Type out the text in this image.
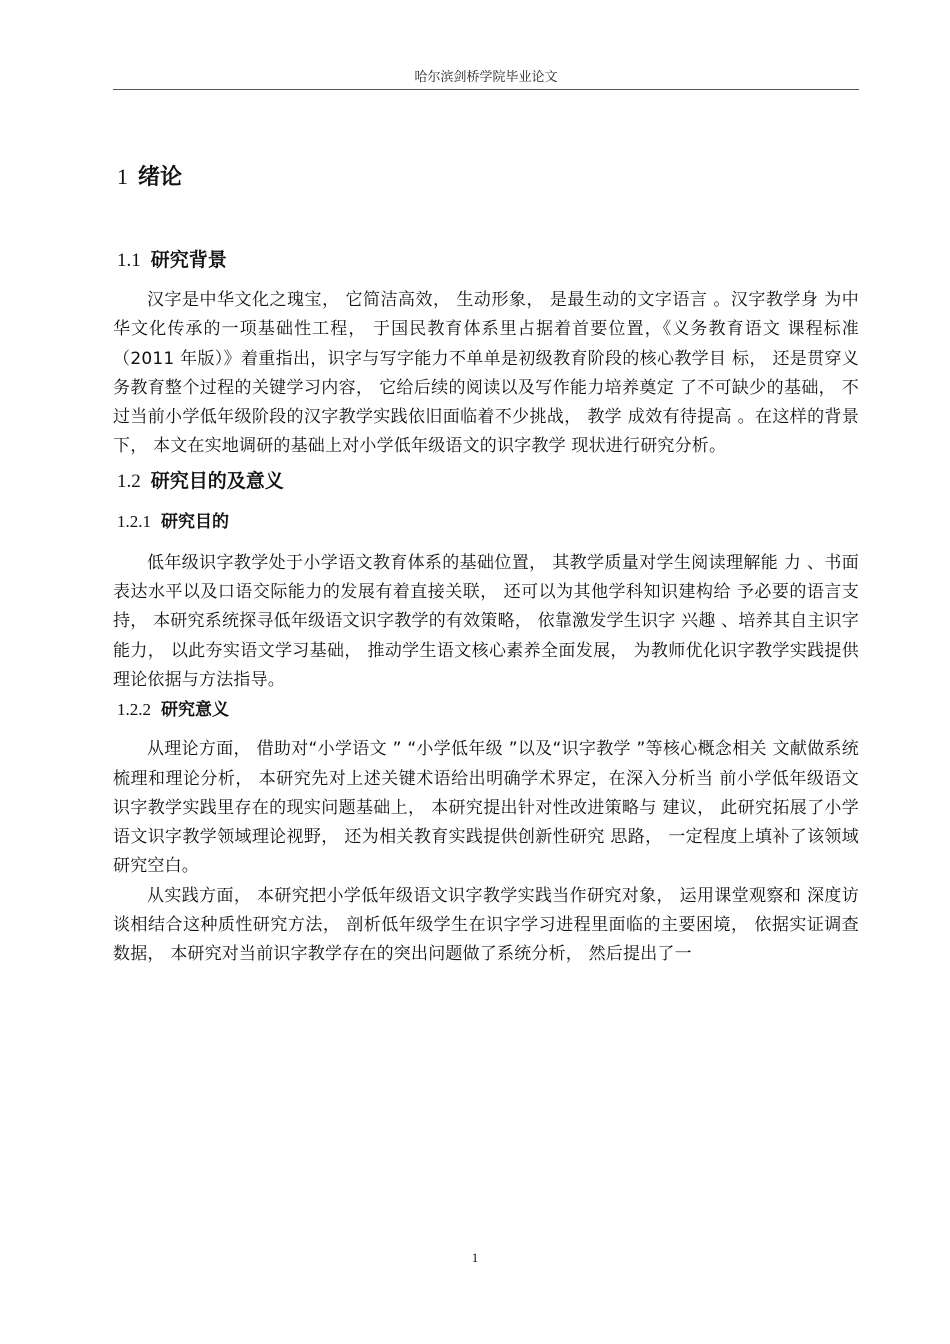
哈尔滨剑桥学院毕业论文
1 绪论
1.1 研究背景

汉字是中华文化之瑰宝， 它简洁高效， 生动形象， 是最生动的文字语言 。汉字教学身 为中华文化传承的一项基础性工程， 于国民教育体系里占据着首要位置，《义务教育语文 课程标准（2011 年版）》着重指出，识字与写字能力不单单是初级教育阶段的核心教学目 标， 还是贯穿义务教育整个过程的关键学习内容， 它给后续的阅读以及写作能力培养奠定 了不可缺少的基础， 不过当前小学低年级阶段的汉字教学实践依旧面临着不少挑战， 教学 成效有待提高 。在这样的背景下， 本文在实地调研的基础上对小学低年级语文的识字教学 现状进行研究分析。

1.2 研究目的及意义
1.2.1 研究目的

低年级识字教学处于小学语文教育体系的基础位置， 其教学质量对学生阅读理解能 力 、书面表达水平以及口语交际能力的发展有着直接关联， 还可以为其他学科知识建构给 予必要的语言支持， 本研究系统探寻低年级语文识字教学的有效策略， 依靠激发学生识字 兴趣 、培养其自主识字能力， 以此夯实语文学习基础， 推动学生语文核心素养全面发展， 为教师优化识字教学实践提供理论依据与方法指导。

1.2.2 研究意义

从理论方面， 借助对“小学语文 ” “小学低年级 ”以及“识字教学 ”等核心概念相关 文献做系统梳理和理论分析， 本研究先对上述关键术语给出明确学术界定，在深入分析当 前小学低年级语文识字教学实践里存在的现实问题基础上， 本研究提出针对性改进策略与 建议， 此研究拓展了小学语文识字教学领域理论视野， 还为相关教育实践提供创新性研究 思路， 一定程度上填补了该领域研究空白。

从实践方面， 本研究把小学低年级语文识字教学实践当作研究对象， 运用课堂观察和 深度访谈相结合这种质性研究方法， 剖析低年级学生在识字学习进程里面临的主要困境， 依据实证调查数据， 本研究对当前识字教学存在的突出问题做了系统分析， 然后提出了一

1
